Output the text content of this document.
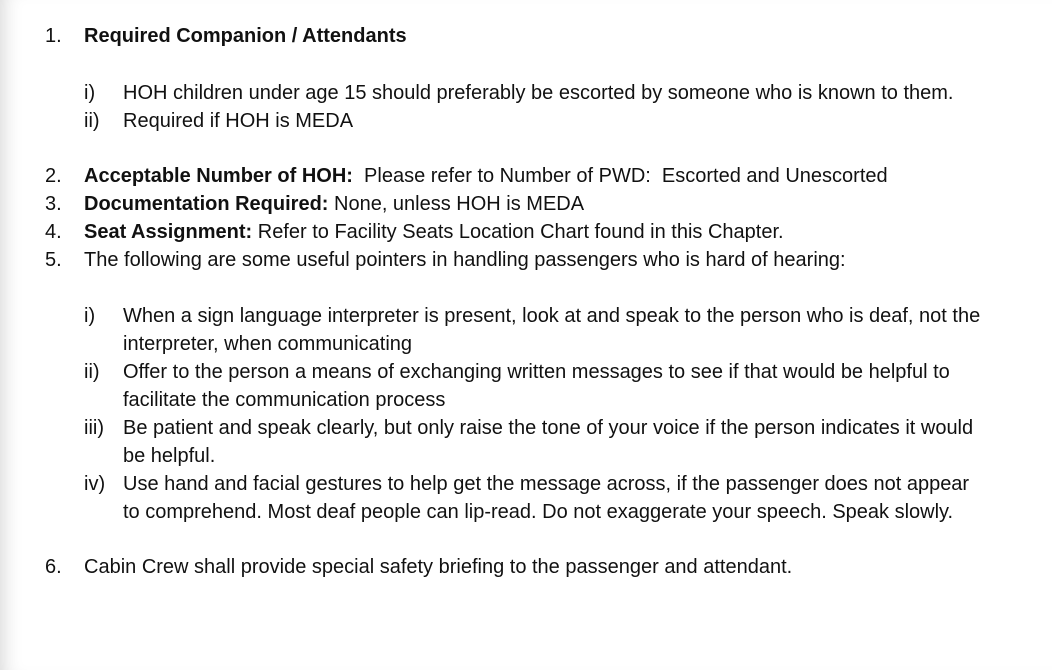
1. Required Companion / Attendants
i) HOH children under age 15 should preferably be escorted by someone who is known to them.
ii) Required if HOH is MEDA
2. Acceptable Number of HOH:  Please refer to Number of PWD:  Escorted and Unescorted
3. Documentation Required: None, unless HOH is MEDA
4. Seat Assignment: Refer to Facility Seats Location Chart found in this Chapter.
5. The following are some useful pointers in handling passengers who is hard of hearing:
i) When a sign language interpreter is present, look at and speak to the person who is deaf, not the
interpreter, when communicating
ii) Offer to the person a means of exchanging written messages to see if that would be helpful to
facilitate the communication process
iii) Be patient and speak clearly, but only raise the tone of your voice if the person indicates it would
be helpful.
iv) Use hand and facial gestures to help get the message across, if the passenger does not appear
to comprehend. Most deaf people can lip-read. Do not exaggerate your speech. Speak slowly.
6. Cabin Crew shall provide special safety briefing to the passenger and attendant.
